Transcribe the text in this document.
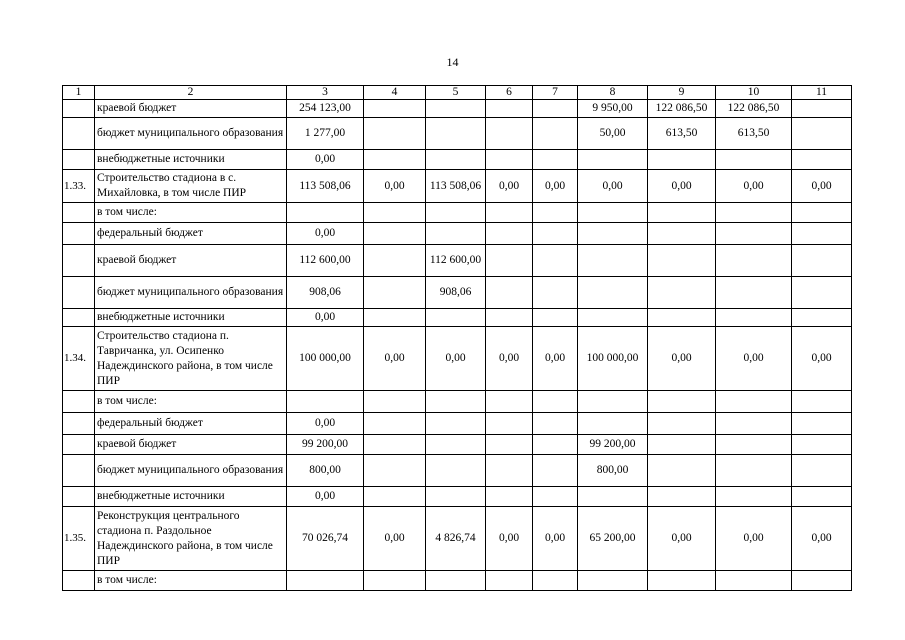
14
1	2	3	4	5	6	7	8	9	10	11
	краевой бюджет	254 123,00					9 950,00	122 086,50	122 086,50	
	бюджет муниципального образования	1 277,00					50,00	613,50	613,50	
	внебюджетные источники	0,00								
1.33.	Строительство стадиона в с. Михайловка, в том числе ПИР	113 508,06	0,00	113 508,06	0,00	0,00	0,00	0,00	0,00	0,00
	в том числе:									
	федеральный бюджет	0,00								
	краевой бюджет	112 600,00		112 600,00						
	бюджет муниципального образования	908,06		908,06						
	внебюджетные источники	0,00								
1.34.	Строительство стадиона п. Тавричанка, ул. Осипенко Надеждинского района, в том числе ПИР	100 000,00	0,00	0,00	0,00	0,00	100 000,00	0,00	0,00	0,00
	в том числе:									
	федеральный бюджет	0,00								
	краевой бюджет	99 200,00					99 200,00			
	бюджет муниципального образования	800,00					800,00			
	внебюджетные источники	0,00								
1.35.	Реконструкция центрального стадиона п. Раздольное Надеждинского района, в том числе ПИР	70 026,74	0,00	4 826,74	0,00	0,00	65 200,00	0,00	0,00	0,00
	в том числе:									
